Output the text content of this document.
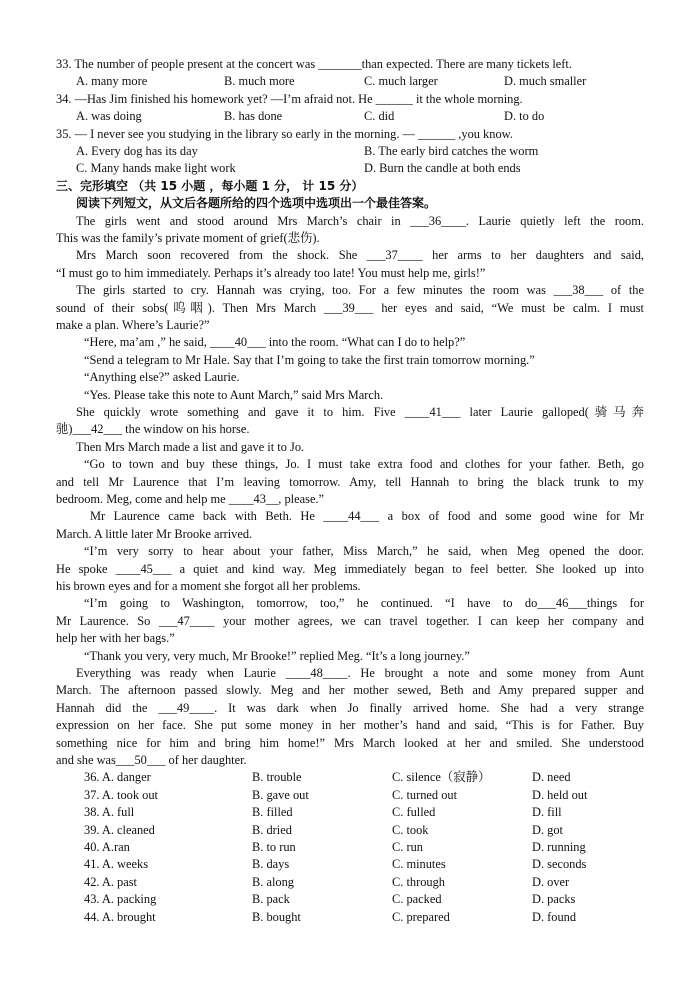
33. The number of people present at the concert was _______than expected. There are many tickets left.
A. many more	B. much more	C. much larger	D. much smaller
34. —Has Jim finished his homework yet? —I’m afraid not. He ______ it the whole morning.
A. was doing	B. has done	C. did	D. to do
35. — I never see you studying in the library so early in the morning. — ______ ,you know.
A. Every dog has its day	B. The early bird catches the worm
C. Many hands make light work	D. Burn the candle at both ends
三、完形填空 （共 15 小题 ，每小题 1 分， 计 15 分）
阅读下列短文，从文后各题所给的四个选项中选项出一个最佳答案。
The girls went and stood around Mrs March’s chair in ___36____. Laurie quietly left the room.
This was the family’s private moment of grief(悲伤).
Mrs March soon recovered from the shock. She ___37____ her arms to her daughters and said,
“I must go to him immediately. Perhaps it’s already too late! You must help me, girls!”
The girls started to cry. Hannah was crying, too. For a few minutes the room was ___38___ of the
sound of their sobs(呜咽). Then Mrs March ___39___ her eyes and said, “We must be calm. I must
make a plan. Where’s Laurie?”
“Here, ma’am ,” he said, ____40___ into the room. “What can I do to help?”
“Send a telegram to Mr Hale. Say that I’m going to take the first train tomorrow morning.”
“Anything else?” asked Laurie.
“Yes. Please take this note to Aunt March,” said Mrs March.
She quickly wrote something and gave it to him. Five ____41___ later Laurie galloped(骑马奔
驰)___42___ the window on his horse.
Then Mrs March made a list and gave it to Jo.
“Go to town and buy these things, Jo. I must take extra food and clothes for your father. Beth, go
and tell Mr Laurence that I’m leaving tomorrow. Amy, tell Hannah to bring the black trunk to my
bedroom. Meg, come and help me ____43__, please.”
Mr Laurence came back with Beth. He ____44___ a box of food and some good wine for Mr
March. A little later Mr Brooke arrived.
“I’m very sorry to hear about your father, Miss March,” he said, when Meg opened the door.
He spoke ____45___ a quiet and kind way. Meg immediately began to feel better. She looked up into
his brown eyes and for a moment she forgot all her problems.
“I’m going to Washington, tomorrow, too,” he continued. “I have to do___46___things for
Mr Laurence. So ___47____ your mother agrees, we can travel together. I can keep her company and
help her with her bags.”
“Thank you very, very much, Mr Brooke!” replied Meg. “It’s a long journey.”
Everything was ready when Laurie ____48____. He brought a note and some money from Aunt
March. The afternoon passed slowly. Meg and her mother sewed, Beth and Amy prepared supper and
Hannah did the ___49____. It was dark when Jo finally arrived home. She had a very strange
expression on her face. She put some money in her mother’s hand and said, “This is for Father. Buy
something nice for him and bring him home!” Mrs March looked at her and smiled. She understood
and she was___50___ of her daughter.
36. A. danger	B. trouble	C. silence（寂静）	D. need
37. A. took out	B. gave out	C. turned out	D. held out
38. A. full	B. filled	C. fulled	D. fill
39. A. cleaned	B. dried	C. took	D. got
40. A.ran	B. to run	C. run	D. running
41. A. weeks	B. days	C. minutes	D. seconds
42. A. past	B. along	C. through	D. over
43. A. packing	B. pack	C. packed	D. packs
44. A. brought	B. bought	C. prepared	D. found
